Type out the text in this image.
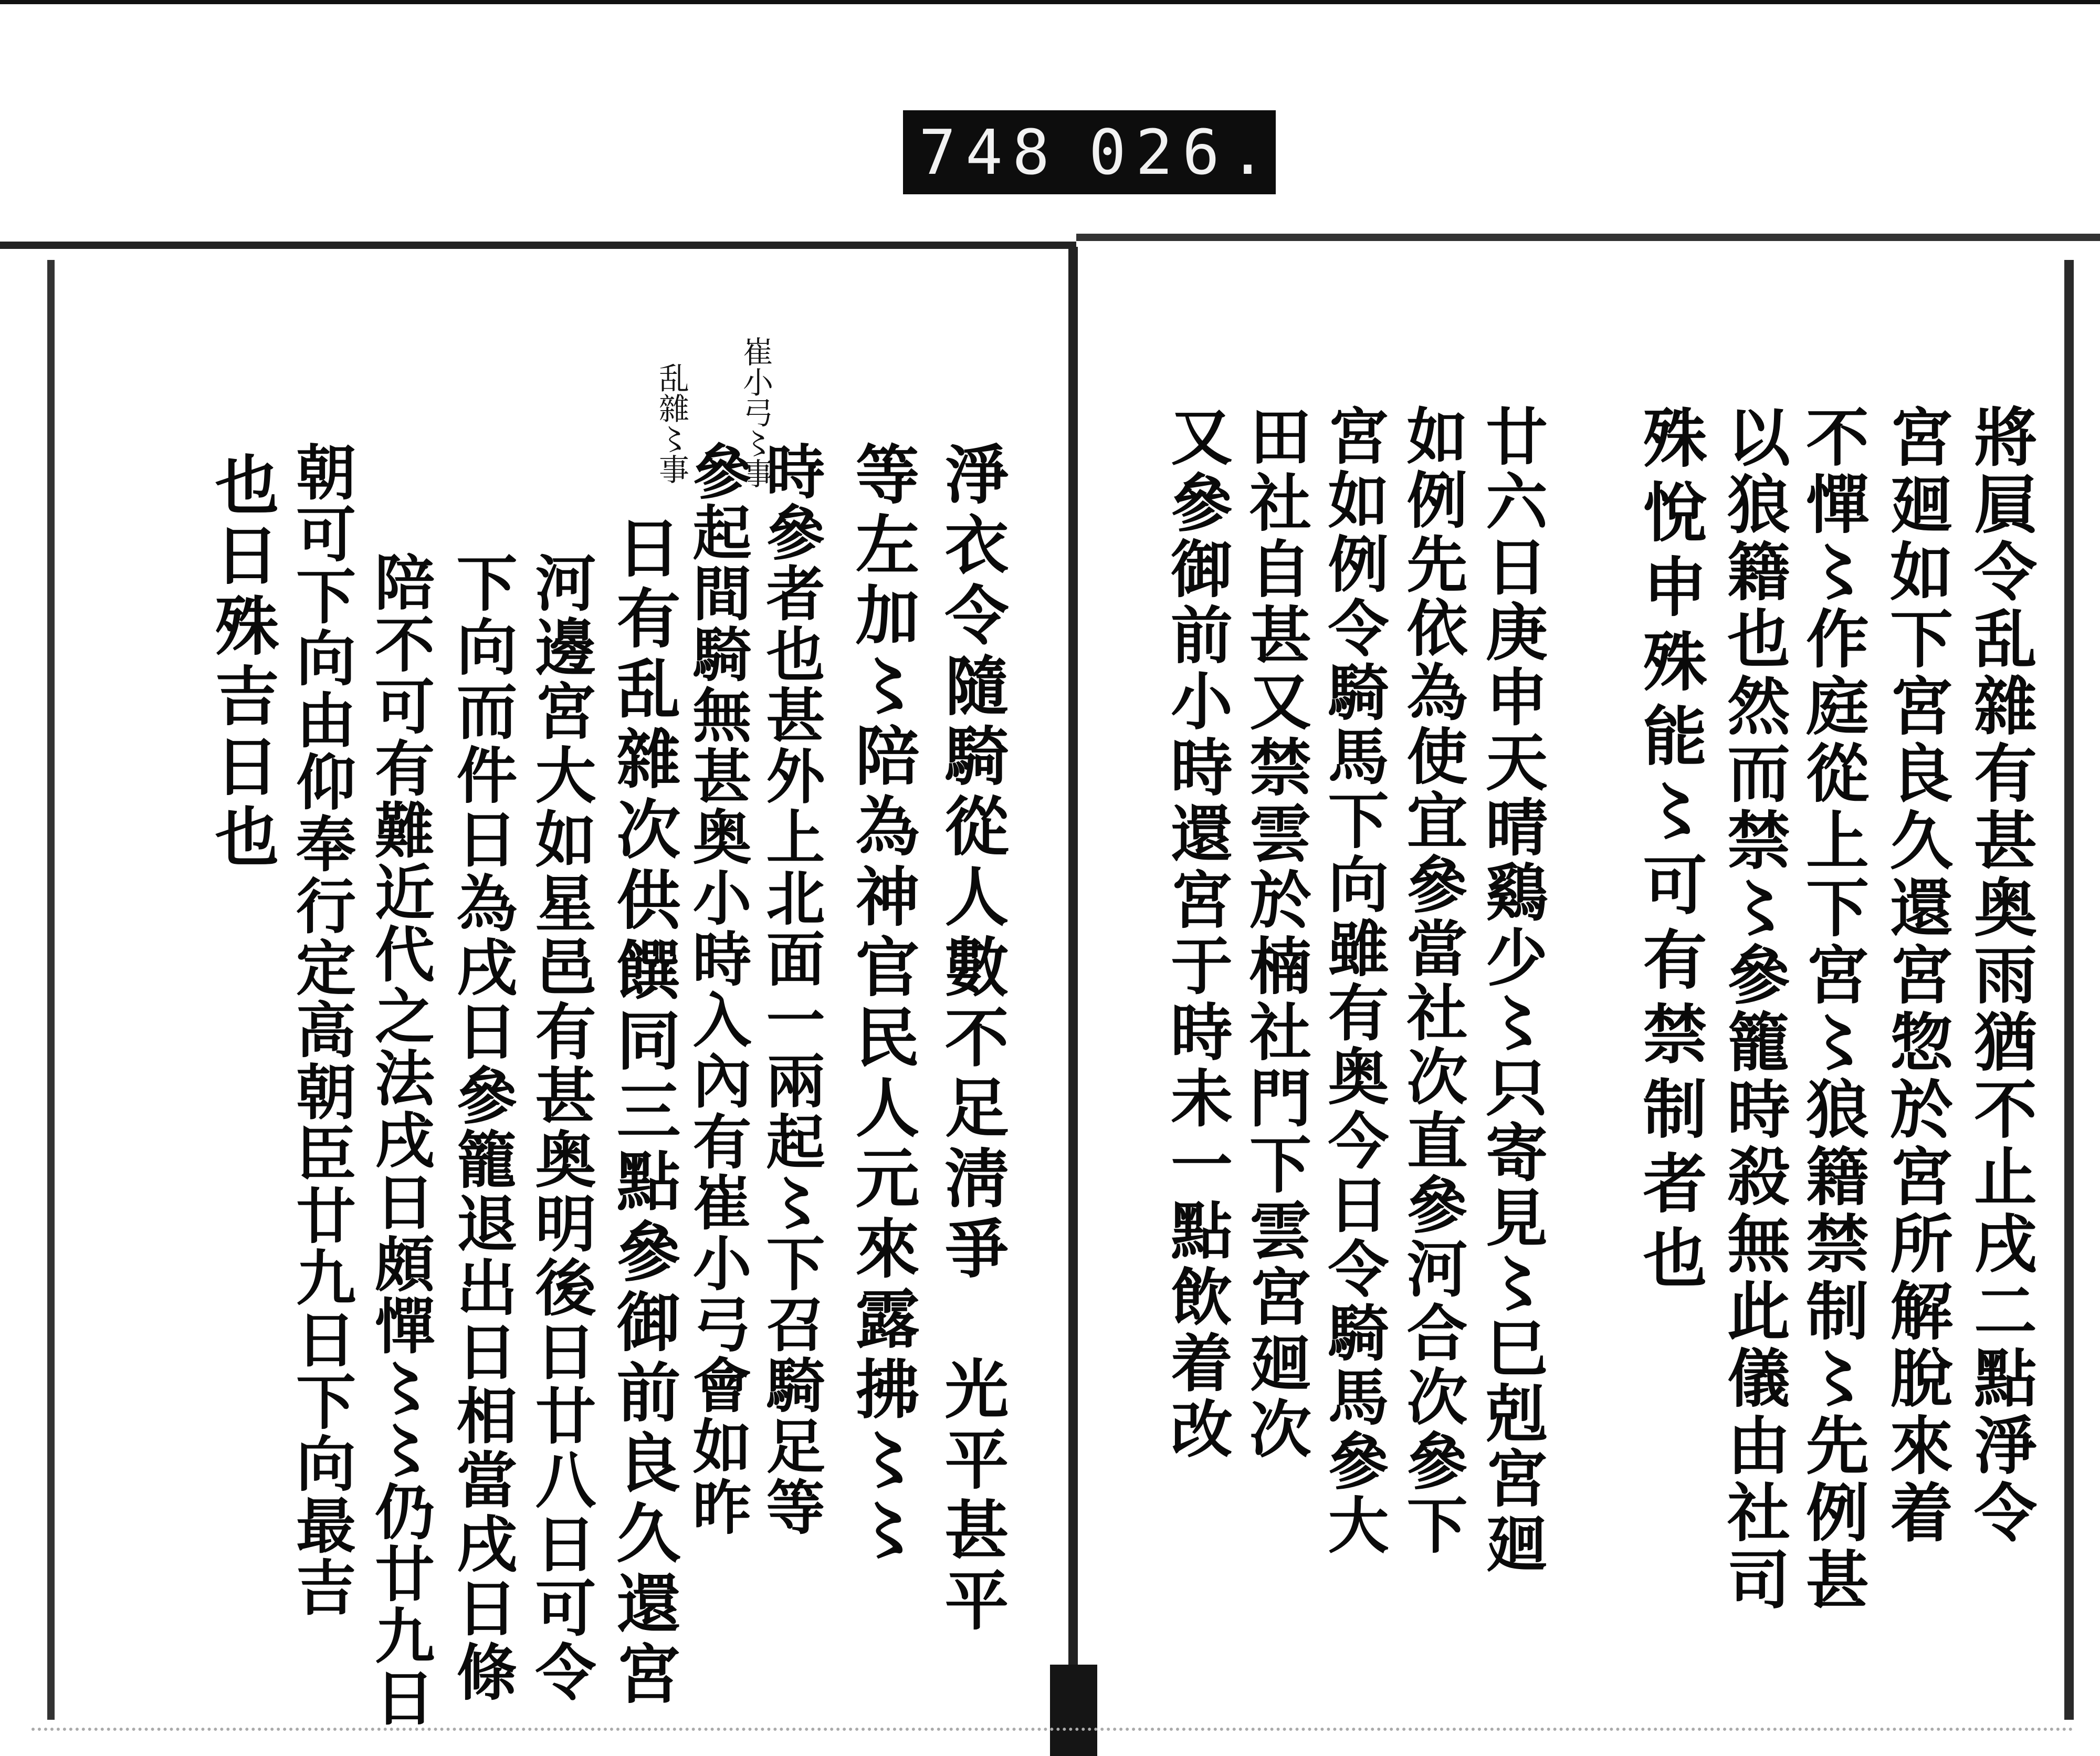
748 026.
淨衣令隨騎從人數不足淸爭　光平甚平
等左加〻陪為神官民人元來露拂〻〻
時參者也甚外上北面一兩起〻下召騎足等
參起間騎無甚奥小時入內有崔小弓會如昨
日有乱雜次供饌同三點參御前良久還宮
河邊宮大如星邑有甚奥明後日廿八日可令
下向而件日為戌日參籠退出日相當戌日條
陪不可有難近代之法戌日頗憚〻〻仍廿九日
朝可下向由仰奉行定高朝臣廿九日下向最吉
也日殊吉日也
崔小弓〻事
乱雜〻事	將屓令乱雜有甚奥雨猶不止戌二點淨令
宮廻如下宮良久還宮惣於宮所解脫來着
不憚〻作庭從上下宮〻狼籍禁制〻先例甚
以狼籍也然而禁〻參籠時殺無此儀由社司
殊悅申殊能〻可有禁制者也
廿六日庚申天晴鷄少〻只寄見〻巳剋宮廻
如例先依為使宜參當社次直參河合次參下
宮如例令騎馬下向雖有奥今日令騎馬參大
田社自甚又禁雲於楠社門下雲宮廻次
又參御前小時還宮于時未一點飲着改
